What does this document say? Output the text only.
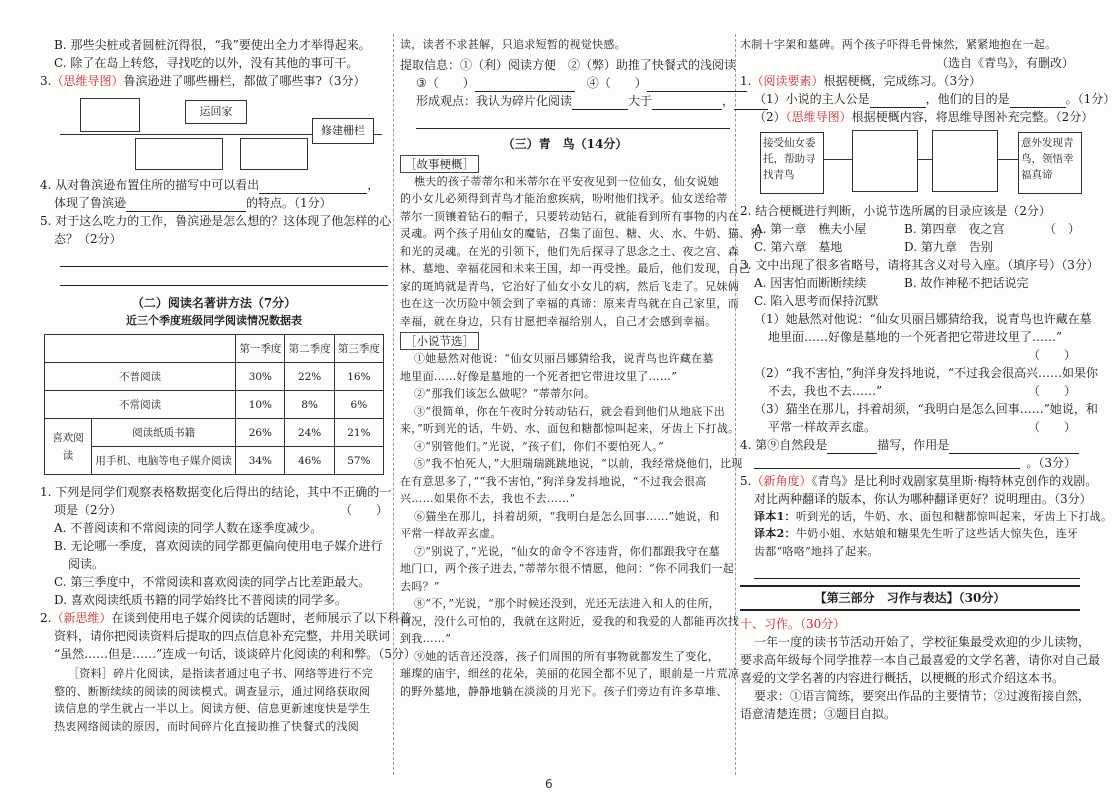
B. 那些尖桩或者圆桩沉得很，“我”要使出全力才举得起来。

C. 除了在岛上转悠，寻找吃的以外，没有其他的事可干。

3.（思维导图）鲁滨逊进了哪些栅栏，都做了哪些事?（3分）

运回家
修建栅栏

4. 从对鲁滨逊布置住所的描写中可以看出	，

体现了鲁滨逊	的特点。（1分）

5. 对于这么吃力的工作，鲁滨逊是怎么想的？这体现了他怎样的心

态？（2分）

（二）阅读名著讲方法（7分）

近三个季度班级同学阅读情况数据表

		第一季度	第二季度	第三季度
不普阅读		30%	22%	16%
不常阅读		10%	8%	6%
喜欢阅读	阅读纸质书籍	26%	24%	21%
	用手机、电脑等电子媒介阅读	34%	46%	57%

1. 下列是同学们观察表格数据变化后得出的结论，其中不正确的一

项是（2分）	（　　）

A. 不普阅读和不常阅读的同学人数在逐季度减少。

B. 无论哪一季度，喜欢阅读的同学都更偏向使用电子媒介进行

阅读。

C. 第三季度中，不常阅读和喜欢阅读的同学占比差距最大。

D. 喜欢阅读纸质书籍的同学始终比不普阅读的同学多。

2.（新思维）在谈到使用电子媒介阅读的话题时，老师展示了以下科普

资料，请你把阅读资料后提取的四点信息补充完整，并用关联词

“虽然……但是……”连成一句话，谈谈碎片化阅读的利和弊。（5分）

［资料］碎片化阅读，是指读者通过电子书、网络等进行不完

整的、断断续续的阅读的阅读模式。调查显示，通过网络获取阅

读信息的学生就占一半以上。阅读方便、信息更新速度快是学生

热衷网络阅读的原因，而时间碎片化直接助推了快餐式的浅阅

读，读者不求甚解，只追求短暂的视觉快感。

提取信息：①（利）阅读方便　 ②（弊）助推了快餐式的浅阅读

③（　　）　	④（　　）

形成观点：我认为碎片化阅读	大于	，

（三）青　鸟（14分）

［故事梗概］

樵夫的孩子蒂蒂尔和米蒂尔在平安夜见到一位仙女，仙女说她

的小女儿必须得到青鸟才能治愈疾病，吩咐他们找矛。仙女送给蒂

蒂尔一顶镶着钻石的帽子，只要转动钻石，就能看到所有事物的内在

灵魂。两个孩子用仙女的魔钻，召集了面包、糖、火、水、牛奶、猫、狗

和光的灵魂。在光的引领下，他们先后探寻了思念之土、夜之宫、森

林、墓地、幸福花园和未来王国，却一再受挫。最后，他们发现，自己

家的斑鸠就是青鸟，它治好了仙女小女儿的病，然后飞走了。兄妹俩

也在这一次历险中领会到了幸福的真谛：原来青鸟就在自己家里，而

幸福，就在身边，只有甘愿把幸福给别人，自己才会感到幸福。

［小说节选］

①她悬然对他说：“仙女贝丽吕娜猜给我，说青鸟也许藏在墓

地里面……好像是墓地的一个死者把它带进坟里了……”

②“那我们该怎么做呢？”蒂蒂尔问。

③“很简单，你在午夜时分转动钻石，就会看到他们从地底下出

来，”听到光的话，牛奶、水、面包和糖都惊叫起来，牙齿上下打战。

④“别管他们。”光说，“孩子们，你们不要怕死人。”

⑤“我不怕死人，”大胆瑞瑞跳跳地说，“以前，我经常烧他们，比现

在有意思多了，”“我不害怕，”狗洋身发抖地说，“不过我会很高

兴……如果你不去，我也不去……”

⑥猫坐在那儿，抖着胡须，“我明白是怎么回事……”她说，和

平常一样故弄玄虚。

⑦“别说了，”光说，“仙女的命令不容违背，你们都跟我守在墓

地门口，两个孩子进去，”蒂蒂尔很不情愿，他问：“你不同我们一起

去吗？”

⑧“不，”光说，“那个时候还没到，光还无法进入和人的住所，

何况，没什么可怕的，我就在这附近，爱我的和我爱的人都能再次找

到我……”

⑨她的话音还没落，孩子们周围的所有事物就都发生了变化，

璀璨的庙宇，细丝的花朵，美丽的花园全都不见了，眼前是一片荒凉

的野外墓地，静静地躺在淡淡的月光下。孩子们旁边有许多草堆、

木制十字架和墓碑。两个孩子吓得毛骨悚然，紧紧地抱在一起。

（选自《青鸟》，有删改）

1.（阅读要素）根据梗概，完成练习。（3分）

（1）小说的主人公是	，他们的目的是	。（1分）

（2）（思维导图）根据梗概内容，将思维导图补充完整。（2分）

接受仙女委托，帮助寻找青鸟
意外发现青鸟，领悟幸福真谛

2. 结合梗概进行判断，小说节选所属的目录应该是（2分）
（　）

A. 第一章　樵夫小屋	B. 第四章　夜之宫

C. 第六章　墓地	D. 第九章　告别

3. 文中出现了很多省略号，请将其含义对号入座。（填序号）（3分）

A. 因害怕而断断续续	B. 故作神秘不把话说完

C. 陷入思考而保持沉默

（1）她悬然对他说：“仙女贝丽吕娜猜给我，说青鸟也许藏在墓

地里面……好像是墓地的一个死者把它带进坟里了……”

（　　）

（2）“我不害怕，”狗洋身发抖地说，“不过我会很高兴……如果你

不去，我也不去……”	（　　）

（3）猫坐在那儿，抖着胡须，“我明白是怎么回事……”她说，和

平常一样故弄玄虚。	（　　）

4. 第⑨自然段是	描写，作用是

。（3分）

5.（新角度）《青鸟》是比利时戏剧家莫里斯·梅特林克创作的戏剧。

对比两种翻译的版本，你认为哪种翻译更好？说明理由。（3分）

译本1：听到光的话，牛奶、水、面包和糖都惊叫起来，牙齿上下打战。

译本2：牛奶小姐、水姑娘和糖果先生听了这些话大惊失色，连牙

齿都“咯咯”地抖了起来。

【第三部分　习作与表达】（30分）

十、习作。（30分）

一年一度的读书节活动开始了，学校征集最受欢迎的少儿读物，

要求高年级每个同学推荐一本自己最喜爱的文学名著，请你对自己最

喜爱的文学名著的内容进行概括，以梗概的形式介绍这本书。

要求：①语言简练，要突出作品的主要情节；②过渡衔接自然，

语意清楚连贯；③题目自拟。

6
